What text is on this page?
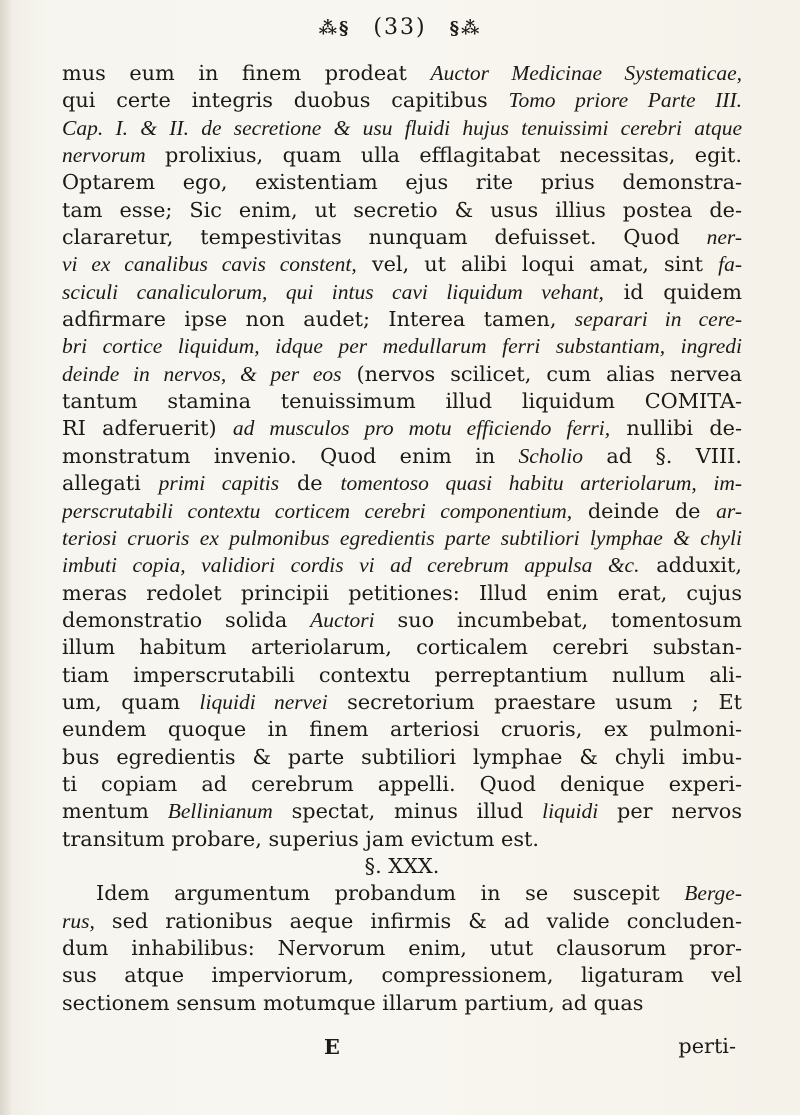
⁂§ (33) §⁂
mus eum in finem prodeat Auctor Medicinae Systematicae,
qui certe integris duobus capitibus Tomo priore Parte III.
Cap. I. & II. de secretione & usu fluidi hujus tenuissimi cerebri atque
nervorum prolixius, quam ulla efflagitabat necessitas, egit.
Optarem ego, existentiam ejus rite prius demonstra-
tam esse; Sic enim, ut secretio & usus illius postea de-
clararetur, tempestivitas nunquam defuisset. Quod ner-
vi ex canalibus cavis constent, vel, ut alibi loqui amat, sint fa-
sciculi canaliculorum, qui intus cavi liquidum vehant, id quidem
adfirmare ipse non audet; Interea tamen, separari in cere-
bri cortice liquidum, idque per medullarum ferri substantiam, ingredi
deinde in nervos, & per eos (nervos scilicet, cum alias nervea
tantum stamina tenuissimum illud liquidum COMITA-
RI adferuerit) ad musculos pro motu efficiendo ferri, nullibi de-
monstratum invenio. Quod enim in Scholio ad §. VIII.
allegati primi capitis de tomentoso quasi habitu arteriolarum, im-
perscrutabili contextu corticem cerebri componentium, deinde de ar-
teriosi cruoris ex pulmonibus egredientis parte subtiliori lymphae & chyli
imbuti copia, validiori cordis vi ad cerebrum appulsa &c. adduxit,
meras redolet principii petitiones: Illud enim erat, cujus
demonstratio solida Auctori suo incumbebat, tomentosum
illum habitum arteriolarum, corticalem cerebri substan-
tiam imperscrutabili contextu perreptantium nullum ali-
um, quam liquidi nervei secretorium praestare usum ; Et
eundem quoque in finem arteriosi cruoris, ex pulmoni-
bus egredientis & parte subtiliori lymphae & chyli imbu-
ti copiam ad cerebrum appelli. Quod denique experi-
mentum Bellinianum spectat, minus illud liquidi per nervos
transitum probare, superius jam evictum est.
§. XXX.
Idem argumentum probandum in se suscepit Berge-
rus, sed rationibus aeque infirmis & ad valide concluden-
dum inhabilibus: Nervorum enim, utut clausorum pror-
sus atque imperviorum, compressionem, ligaturam vel
sectionem sensum motumque illarum partium, ad quas
E	perti-
